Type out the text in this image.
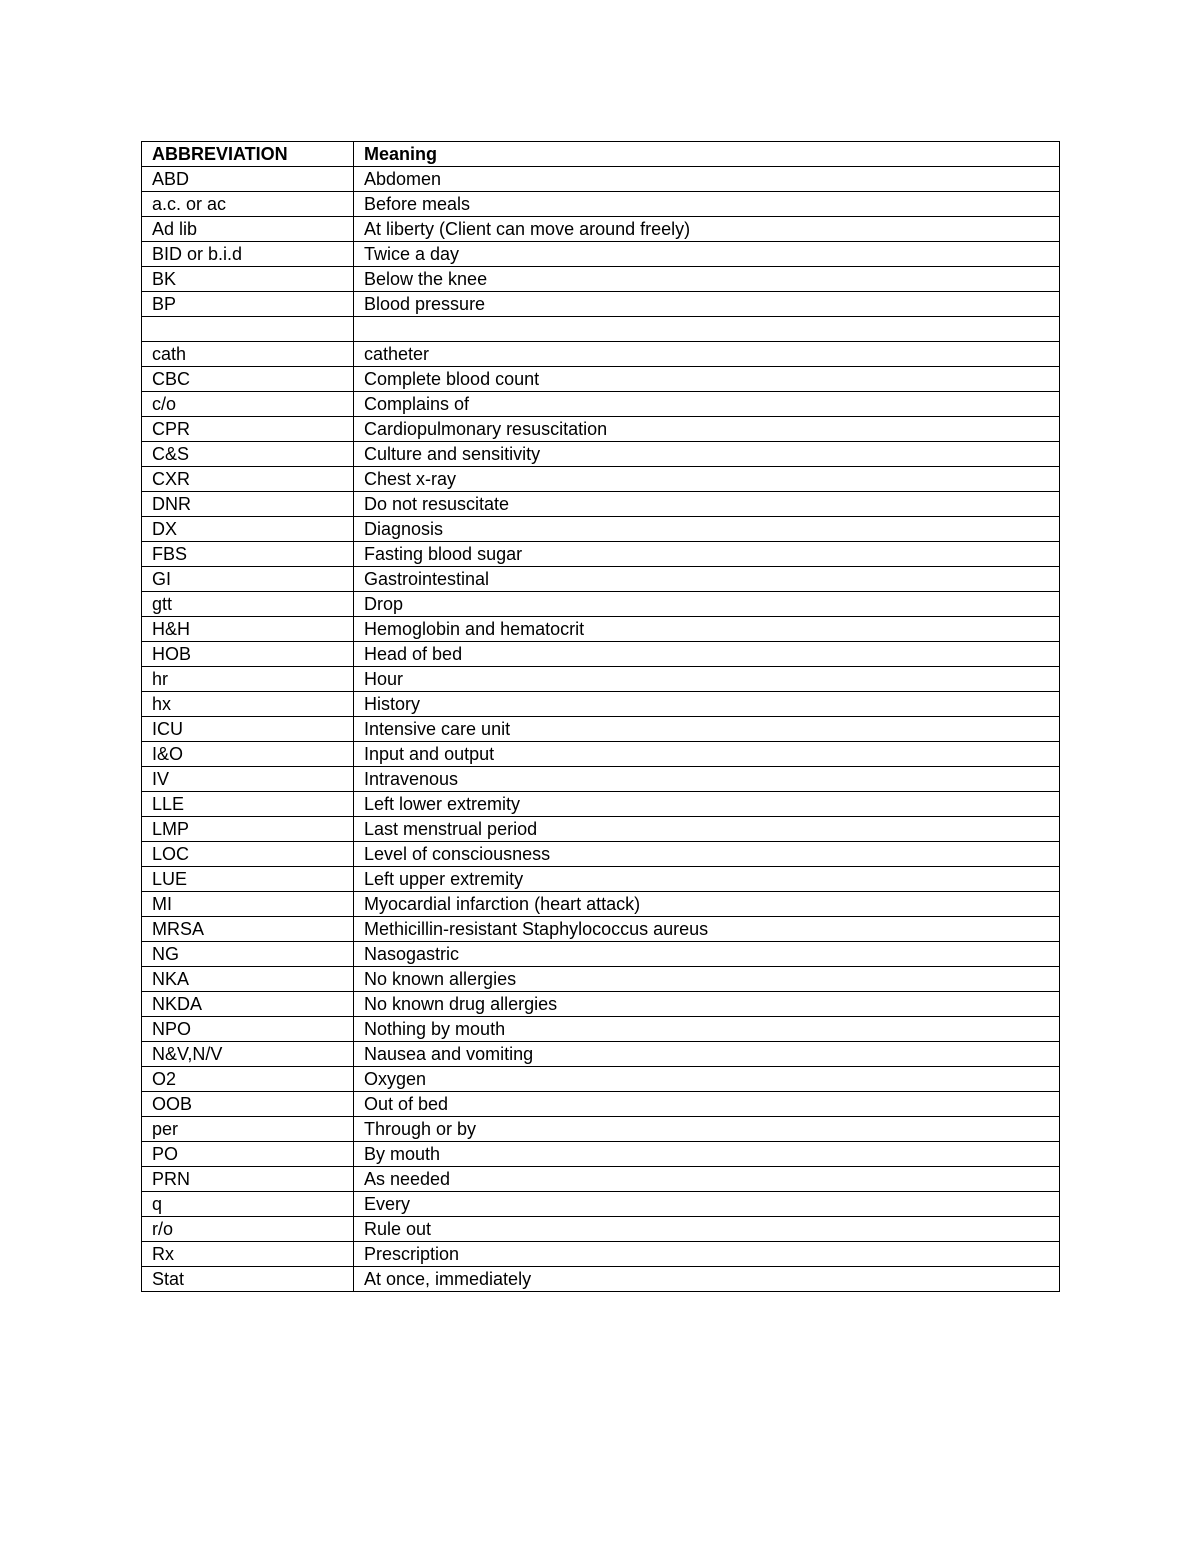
ABBREVIATION	Meaning
ABD	Abdomen
a.c. or ac	Before meals
Ad lib	At liberty (Client can move around freely)
BID or b.i.d	Twice a day
BK	Below the knee
BP	Blood pressure

cath	catheter
CBC	Complete blood count
c/o	Complains of
CPR	Cardiopulmonary resuscitation
C&S	Culture and sensitivity
CXR	Chest x-ray
DNR	Do not resuscitate
DX	Diagnosis
FBS	Fasting blood sugar
GI	Gastrointestinal
gtt	Drop
H&H	Hemoglobin and hematocrit
HOB	Head of bed
hr	Hour
hx	History
ICU	Intensive care unit
I&O	Input and output
IV	Intravenous
LLE	Left lower extremity
LMP	Last menstrual period
LOC	Level of consciousness
LUE	Left upper extremity
MI	Myocardial infarction (heart attack)
MRSA	Methicillin-resistant Staphylococcus aureus
NG	Nasogastric
NKA	No known allergies
NKDA	No known drug allergies
NPO	Nothing by mouth
N&V,N/V	Nausea and vomiting
O2	Oxygen
OOB	Out of bed
per	Through or by
PO	By mouth
PRN	As needed
q	Every
r/o	Rule out
Rx	Prescription
Stat	At once, immediately
